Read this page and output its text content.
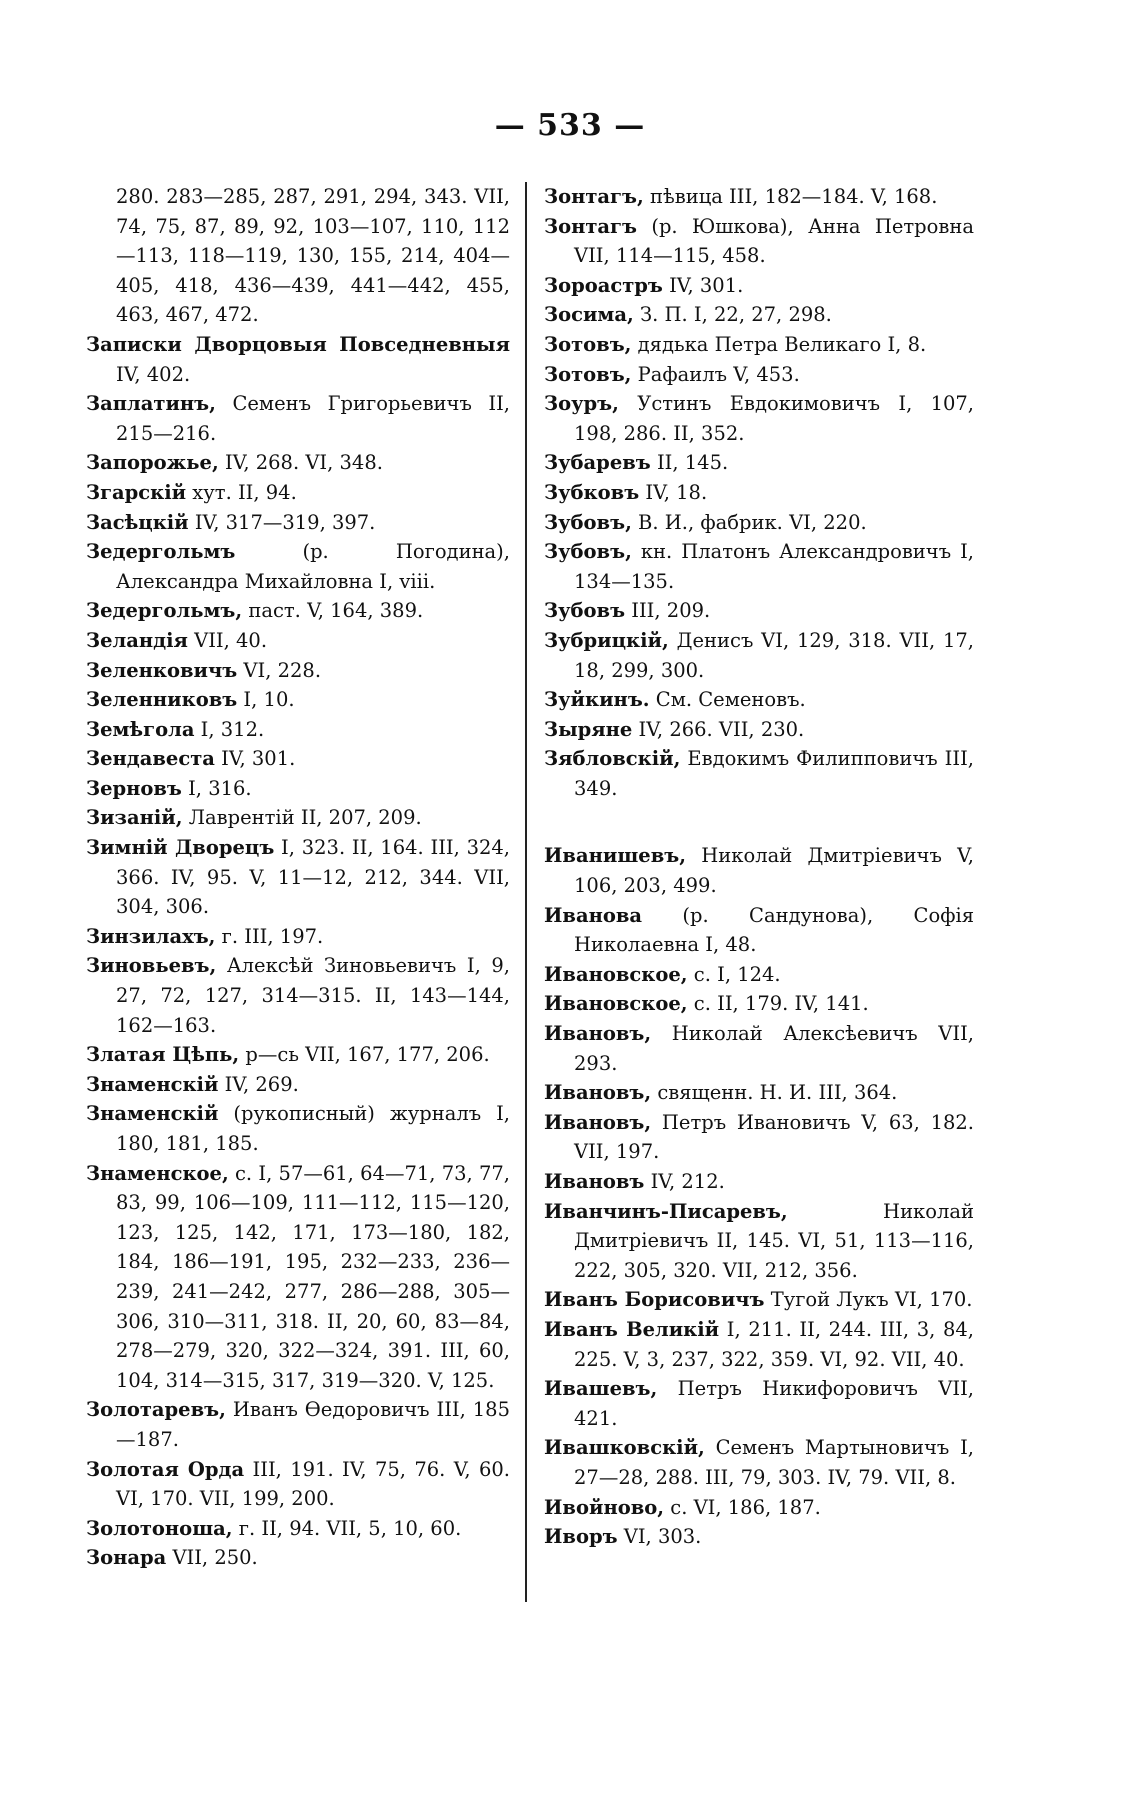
— 533 —
280. 283—285, 287, 291, 294, 343. VII, 74, 75, 87, 89, 92, 103—107, 110, 112—113, 118—119, 130, 155, 214, 404—405, 418, 436—439, 441—442, 455, 463, 467, 472.
Записки Дворцовыя Повседневныя IV, 402.
Заплатинъ, Семенъ Григорьевичъ II, 215—216.
Запорожье, IV, 268. VI, 348.
Згарскій хут. II, 94.
Засѣцкій IV, 317—319, 397.
Зедергольмъ (р. Погодина), Александра Михайловна I, viii.
Зедергольмъ, паст. V, 164, 389.
Зеландія VII, 40.
Зеленковичъ VI, 228.
Зеленниковъ I, 10.
Земѣгола I, 312.
Зендавеста IV, 301.
Зерновъ I, 316.
Зизаній, Лаврентій II, 207, 209.
Зимній Дворецъ I, 323. II, 164. III, 324, 366. IV, 95. V, 11—12, 212, 344. VII, 304, 306.
Зинзилахъ, г. III, 197.
Зиновьевъ, Алексѣй Зиновьевичъ I, 9, 27, 72, 127, 314—315. II, 143—144, 162—163.
Златая Цѣпь, р—сь VII, 167, 177, 206.
Знаменскій IV, 269.
Знаменскій (рукописный) журналъ I, 180, 181, 185.
Знаменское, с. I, 57—61, 64—71, 73, 77, 83, 99, 106—109, 111—112, 115—120, 123, 125, 142, 171, 173—180, 182, 184, 186—191, 195, 232—233, 236—239, 241—242, 277, 286—288, 305—306, 310—311, 318. II, 20, 60, 83—84, 278—279, 320, 322—324, 391. III, 60, 104, 314—315, 317, 319—320. V, 125.
Золотаревъ, Иванъ Ѳедоровичъ III, 185—187.
Золотая Орда III, 191. IV, 75, 76. V, 60. VI, 170. VII, 199, 200.
Золотоноша, г. II, 94. VII, 5, 10, 60.
Зонара VII, 250.
Зонтагъ, пѣвица III, 182—184. V, 168.
Зонтагъ (р. Юшкова), Анна Петровна VII, 114—115, 458.
Зороастръ IV, 301.
Зосима, З. П. I, 22, 27, 298.
Зотовъ, дядька Петра Великаго I, 8.
Зотовъ, Рафаилъ V, 453.
Зоуръ, Устинъ Евдокимовичъ I, 107, 198, 286. II, 352.
Зубаревъ II, 145.
Зубковъ IV, 18.
Зубовъ, В. И., фабрик. VI, 220.
Зубовъ, кн. Платонъ Александровичъ I, 134—135.
Зубовъ III, 209.
Зубрицкій, Денисъ VI, 129, 318. VII, 17, 18, 299, 300.
Зуйкинъ. См. Семеновъ.
Зыряне IV, 266. VII, 230.
Зябловскій, Евдокимъ Филипповичъ III, 349.
Иванишевъ, Николай Дмитріевичъ V, 106, 203, 499.
Иванова (р. Сандунова), Софія Николаевна I, 48.
Ивановское, с. I, 124.
Ивановское, с. II, 179. IV, 141.
Ивановъ, Николай Алексѣевичъ VII, 293.
Ивановъ, священн. Н. И. III, 364.
Ивановъ, Петръ Ивановичъ V, 63, 182. VII, 197.
Ивановъ IV, 212.
Иванчинъ-Писаревъ, Николай Дмитріевичъ II, 145. VI, 51, 113—116, 222, 305, 320. VII, 212, 356.
Иванъ Борисовичъ Тугой Лукъ VI, 170.
Иванъ Великій I, 211. II, 244. III, 3, 84, 225. V, 3, 237, 322, 359. VI, 92. VII, 40.
Ивашевъ, Петръ Никифоровичъ VII, 421.
Ивашковскій, Семенъ Мартыновичъ I, 27—28, 288. III, 79, 303. IV, 79. VII, 8.
Ивойново, с. VI, 186, 187.
Иворъ VI, 303.
